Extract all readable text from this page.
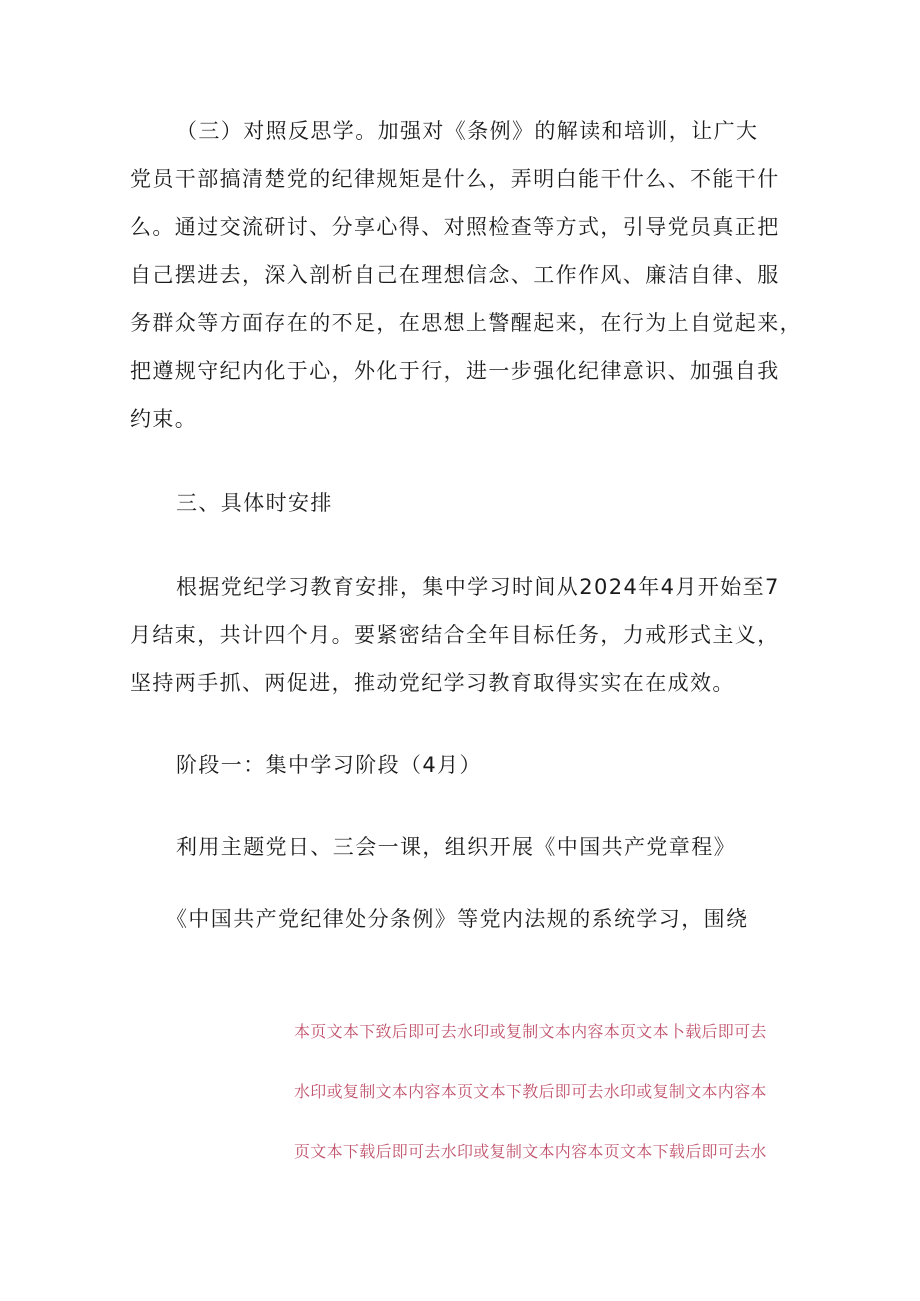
（三）对照反思学。加强对《条例》的解读和培训，让广大
党员干部搞清楚党的纪律规矩是什么，弄明白能干什么、不能干什
么。通过交流研讨、分享心得、对照检查等方式，引导党员真正把
自己摆进去，深入剖析自己在理想信念、工作作风、廉洁自律、服
务群众等方面存在的不足，在思想上警醒起来，在行为上自觉起来，
把遵规守纪内化于心，外化于行，进一步强化纪律意识、加强自我
约束。
三、具体时安排
根据党纪学习教育安排，集中学习时间从2024年4月开始至7
月结束，共计四个月。要紧密结合全年目标任务，力戒形式主义，
坚持两手抓、两促进，推动党纪学习教育取得实实在在成效。
阶段一：集中学习阶段（4月）
利用主题党日、三会一课，组织开展《中国共产党章程》
《中国共产党纪律处分条例》等党内法规的系统学习，围绕
本页文本下致后即可去水印或复制文本内容本页文本卜载后即可去
水印或复制文本内容本页文本下教后即可去水印或复制文本内容本
页文本下载后即可去水印或复制文本内容本页文本下载后即可去水
